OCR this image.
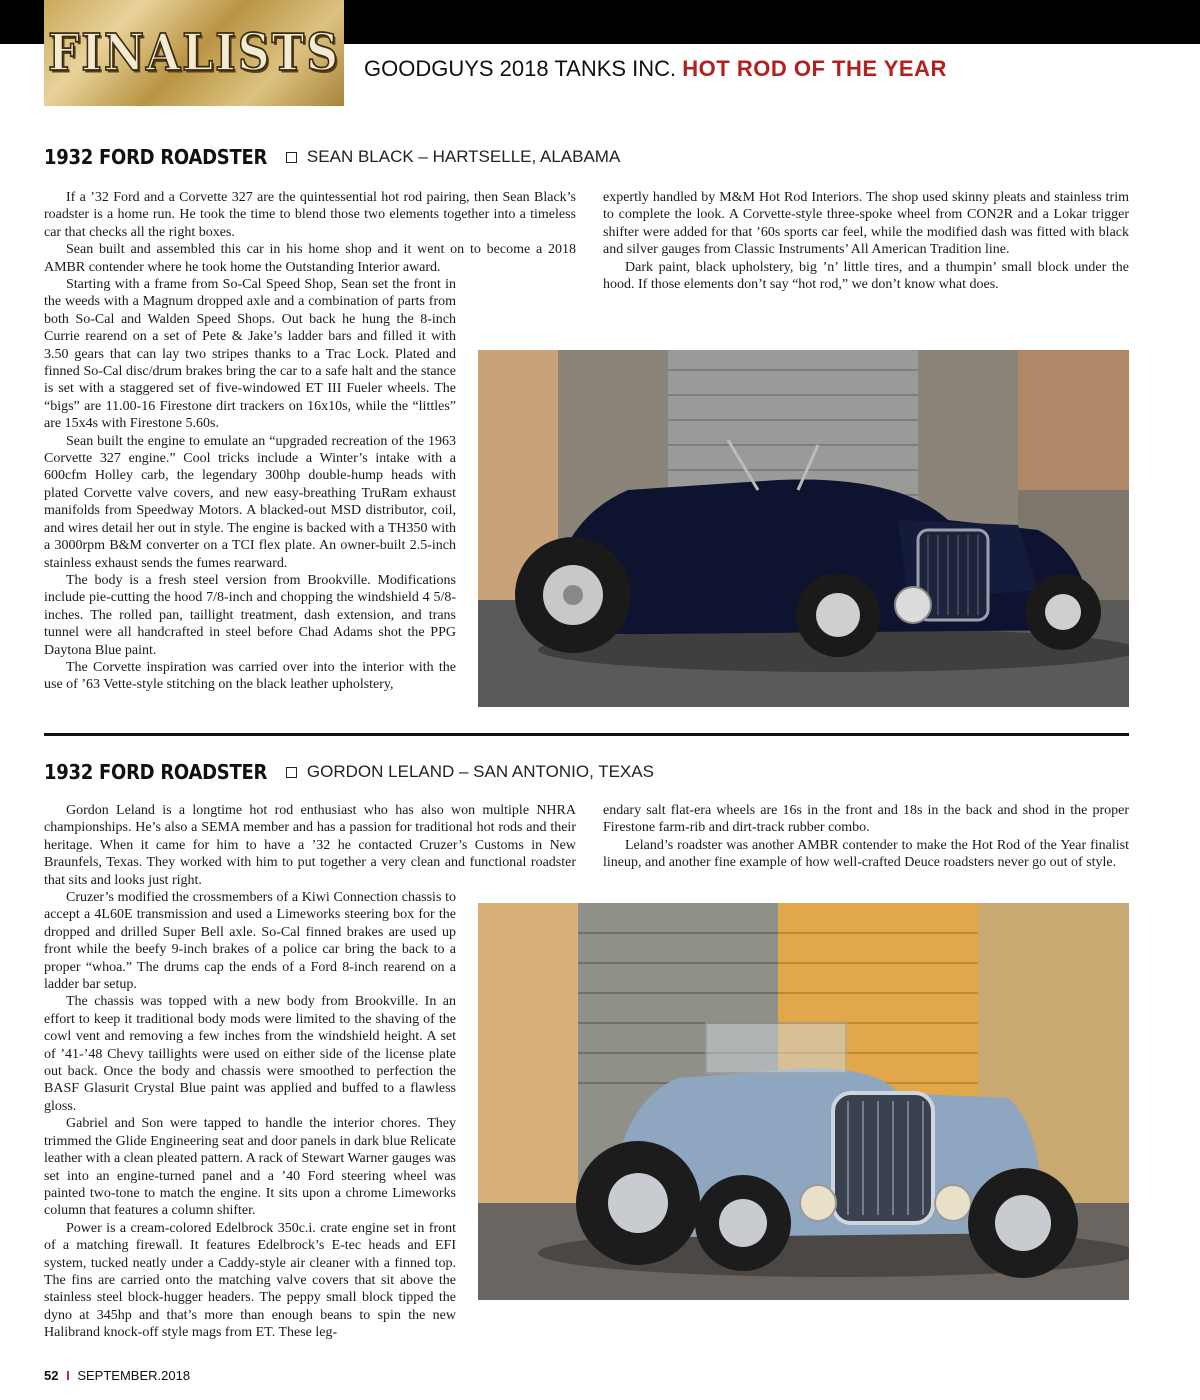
FINALISTS GOODGUYS 2018 TANKS INC. HOT ROD OF THE YEAR
1932 FORD ROADSTER SEAN BLACK – HARTSELLE, ALABAMA

If a ’32 Ford and a Corvette 327 are the quintessential hot rod pairing, then Sean Black’s roadster is a home run. He took the time to blend those two elements together into a timeless car that checks all the right boxes.

Sean built and assembled this car in his home shop and it went on to become a 2018 AMBR contender where he took home the Outstanding Interior award.

Starting with a frame from So-Cal Speed Shop, Sean set the front in the weeds with a Magnum dropped axle and a combination of parts from both So-Cal and Walden Speed Shops. Out back he hung the 8-inch Currie rearend on a set of Pete & Jake’s ladder bars and filled it with 3.50 gears that can lay two stripes thanks to a Trac Lock. Plated and finned So-Cal disc/drum brakes bring the car to a safe halt and the stance is set with a staggered set of five-windowed ET III Fueler wheels. The “bigs” are 11.00-16 Firestone dirt trackers on 16x10s, while the “littles” are 15x4s with Firestone 5.60s.

Sean built the engine to emulate an “upgraded recreation of the 1963 Corvette 327 engine.” Cool tricks include a Winter’s intake with a 600cfm Holley carb, the legendary 300hp double-hump heads with plated Corvette valve covers, and new easy-breathing TruRam exhaust manifolds from Speedway Motors. A blacked-out MSD distributor, coil, and wires detail her out in style. The engine is backed with a TH350 with a 3000rpm B&M converter on a TCI flex plate. An owner-built 2.5-inch stainless exhaust sends the fumes rearward.

The body is a fresh steel version from Brookville. Modifications include pie-cutting the hood 7/8-inch and chopping the windshield 4 5/8-inches. The rolled pan, taillight treatment, dash extension, and trans tunnel were all handcrafted in steel before Chad Adams shot the PPG Daytona Blue paint.

The Corvette inspiration was carried over into the interior with the use of ’63 Vette-style stitching on the black leather upholstery,

expertly handled by M&M Hot Rod Interiors. The shop used skinny pleats and stainless trim to complete the look. A Corvette-style three-spoke wheel from CON2R and a Lokar trigger shifter were added for that ’60s sports car feel, while the modified dash was fitted with black and silver gauges from Classic Instruments’ All American Tradition line.

Dark paint, black upholstery, big ’n’ little tires, and a thumpin’ small block under the hood. If those elements don’t say “hot rod,” we don’t know what does.

1932 FORD ROADSTER GORDON LELAND – SAN ANTONIO, TEXAS

Gordon Leland is a longtime hot rod enthusiast who has also won multiple NHRA championships. He’s also a SEMA member and has a passion for traditional hot rods and their heritage. When it came for him to have a ’32 he contacted Cruzer’s Customs in New Braunfels, Texas. They worked with him to put together a very clean and functional roadster that sits and looks just right.

Cruzer’s modified the crossmembers of a Kiwi Connection chassis to accept a 4L60E transmission and used a Limeworks steering box for the dropped and drilled Super Bell axle. So-Cal finned brakes are used up front while the beefy 9-inch brakes of a police car bring the back to a proper “whoa.” The drums cap the ends of a Ford 8-inch rearend on a ladder bar setup.

The chassis was topped with a new body from Brookville. In an effort to keep it traditional body mods were limited to the shaving of the cowl vent and removing a few inches from the windshield height. A set of ’41-’48 Chevy taillights were used on either side of the license plate out back. Once the body and chassis were smoothed to perfection the BASF Glasurit Crystal Blue paint was applied and buffed to a flawless gloss.

Gabriel and Son were tapped to handle the interior chores. They trimmed the Glide Engineering seat and door panels in dark blue Relicate leather with a clean pleated pattern. A rack of Stewart Warner gauges was set into an engine-turned panel and a ’40 Ford steering wheel was painted two-tone to match the engine. It sits upon a chrome Limeworks column that features a column shifter.

Power is a cream-colored Edelbrock 350c.i. crate engine set in front of a matching firewall. It features Edelbrock’s E-tec heads and EFI system, tucked neatly under a Caddy-style air cleaner with a finned top. The fins are carried onto the matching valve covers that sit above the stainless steel block-hugger headers. The peppy small block tipped the dyno at 345hp and that’s more than enough beans to spin the new Halibrand knock-off style mags from ET. These leg-

endary salt flat-era wheels are 16s in the front and 18s in the back and shod in the proper Firestone farm-rib and dirt-track rubber combo.

Leland’s roadster was another AMBR contender to make the Hot Rod of the Year finalist lineup, and another fine example of how well-crafted Deuce roadsters never go out of style.

52 I SEPTEMBER.2018
